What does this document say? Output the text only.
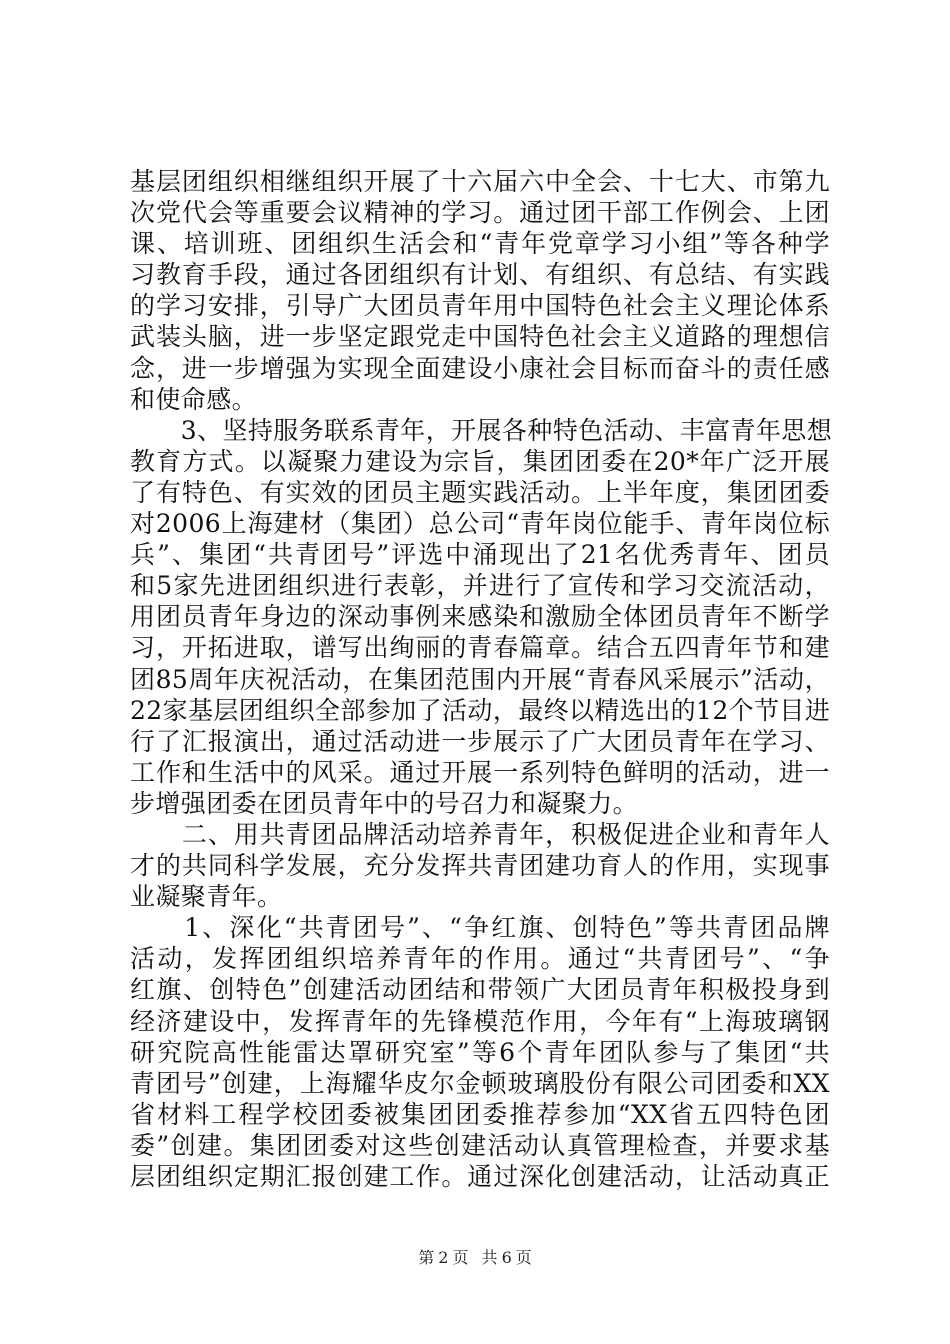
基层团组织相继组织开展了十六届六中全会、十七大、市第九
次党代会等重要会议精神的学习。通过团干部工作例会、上团
课、培训班、团组织生活会和“青年党章学习小组”等各种学
习教育手段，通过各团组织有计划、有组织、有总结、有实践
的学习安排，引导广大团员青年用中国特色社会主义理论体系
武装头脑，进一步坚定跟党走中国特色社会主义道路的理想信
念，进一步增强为实现全面建设小康社会目标而奋斗的责任感
和使命感。
　　3、坚持服务联系青年，开展各种特色活动、丰富青年思想
教育方式。以凝聚力建设为宗旨，集团团委在20*年广泛开展
了有特色、有实效的团员主题实践活动。上半年度，集团团委
对2006上海建材（集团）总公司“青年岗位能手、青年岗位标
兵”、集团“共青团号”评选中涌现出了21名优秀青年、团员
和5家先进团组织进行表彰，并进行了宣传和学习交流活动，
用团员青年身边的深动事例来感染和激励全体团员青年不断学
习，开拓进取，谱写出绚丽的青春篇章。结合五四青年节和建
团85周年庆祝活动，在集团范围内开展“青春风采展示”活动，
22家基层团组织全部参加了活动，最终以精选出的12个节目进
行了汇报演出，通过活动进一步展示了广大团员青年在学习、
工作和生活中的风采。通过开展一系列特色鲜明的活动，进一
步增强团委在团员青年中的号召力和凝聚力。
　　二、用共青团品牌活动培养青年，积极促进企业和青年人
才的共同科学发展，充分发挥共青团建功育人的作用，实现事
业凝聚青年。
　　1、深化“共青团号”、“争红旗、创特色”等共青团品牌
活动，发挥团组织培养青年的作用。通过“共青团号”、“争
红旗、创特色”创建活动团结和带领广大团员青年积极投身到
经济建设中，发挥青年的先锋模范作用，今年有“上海玻璃钢
研究院高性能雷达罩研究室”等6个青年团队参与了集团“共
青团号”创建，上海耀华皮尔金顿玻璃股份有限公司团委和XX
省材料工程学校团委被集团团委推荐参加“XX省五四特色团
委”创建。集团团委对这些创建活动认真管理检查，并要求基
层团组织定期汇报创建工作。通过深化创建活动，让活动真正
第 2 页 共 6 页
